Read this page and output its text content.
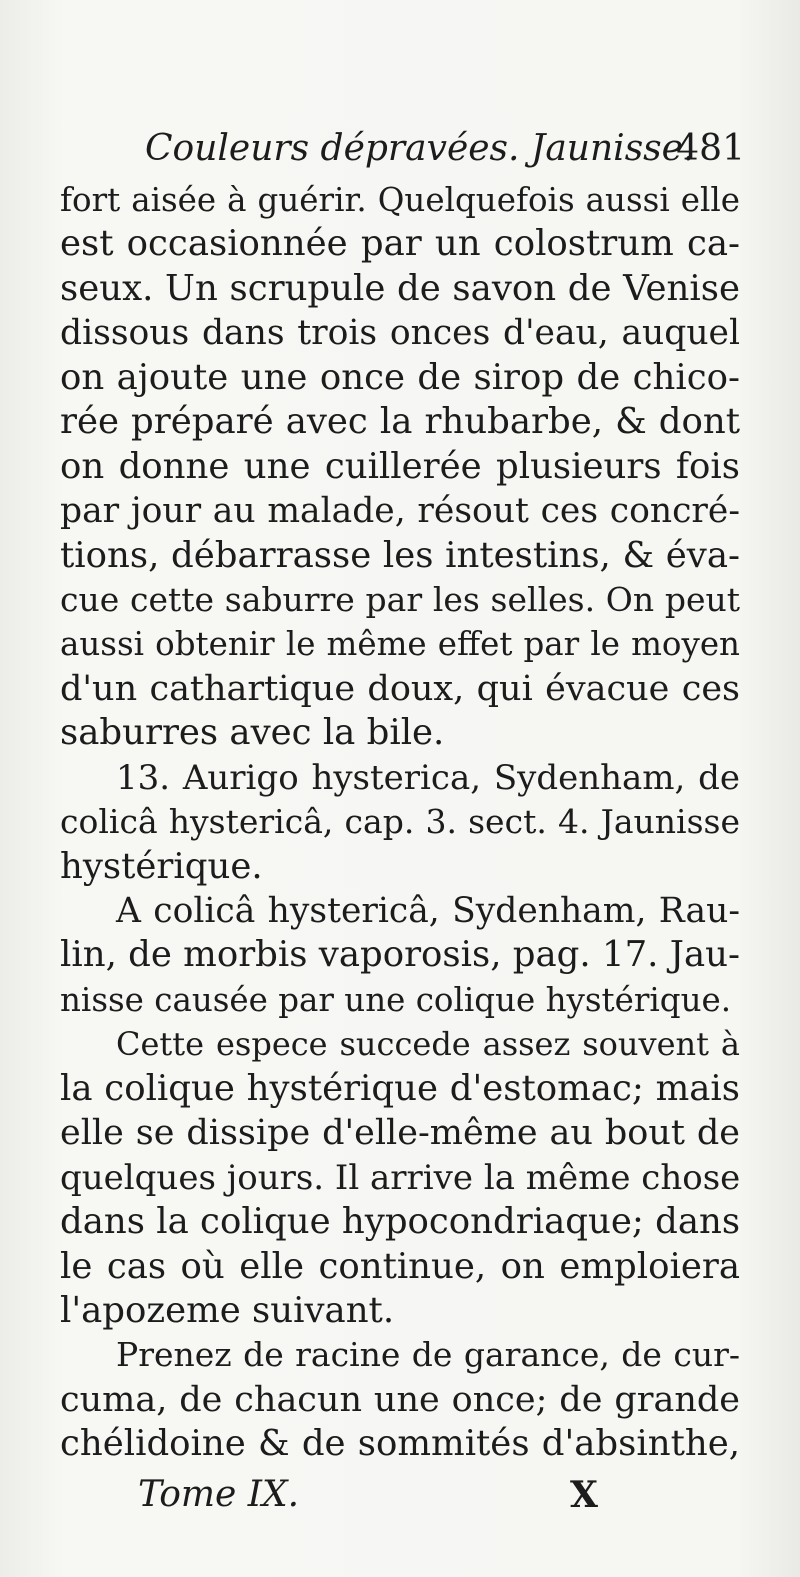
Couleurs dépravées. Jaunisse.
481
fort aisée à guérir. Quelquefois aussi elle
est occasionnée par un colostrum ca-
seux. Un scrupule de savon de Venise
dissous dans trois onces d'eau, auquel
on ajoute une once de sirop de chico-
rée préparé avec la rhubarbe, & dont
on donne une cuillerée plusieurs fois
par jour au malade, résout ces concré-
tions, débarrasse les intestins, & éva-
cue cette saburre par les selles. On peut
aussi obtenir le même effet par le moyen
d'un cathartique doux, qui évacue ces
saburres avec la bile.
13. Aurigo hysterica, Sydenham, de
colicâ hystericâ, cap. 3. sect. 4. Jaunisse
hystérique.
A colicâ hystericâ, Sydenham, Rau-
lin, de morbis vaporosis, pag. 17. Jau-
nisse causée par une colique hystérique.
Cette espece succede assez souvent à
la colique hystérique d'estomac; mais
elle se dissipe d'elle-même au bout de
quelques jours. Il arrive la même chose
dans la colique hypocondriaque; dans
le cas où elle continue, on emploiera
l'apozeme suivant.
Prenez de racine de garance, de cur-
cuma, de chacun une once; de grande
chélidoine & de sommités d'absinthe,
Tome IX.	X
